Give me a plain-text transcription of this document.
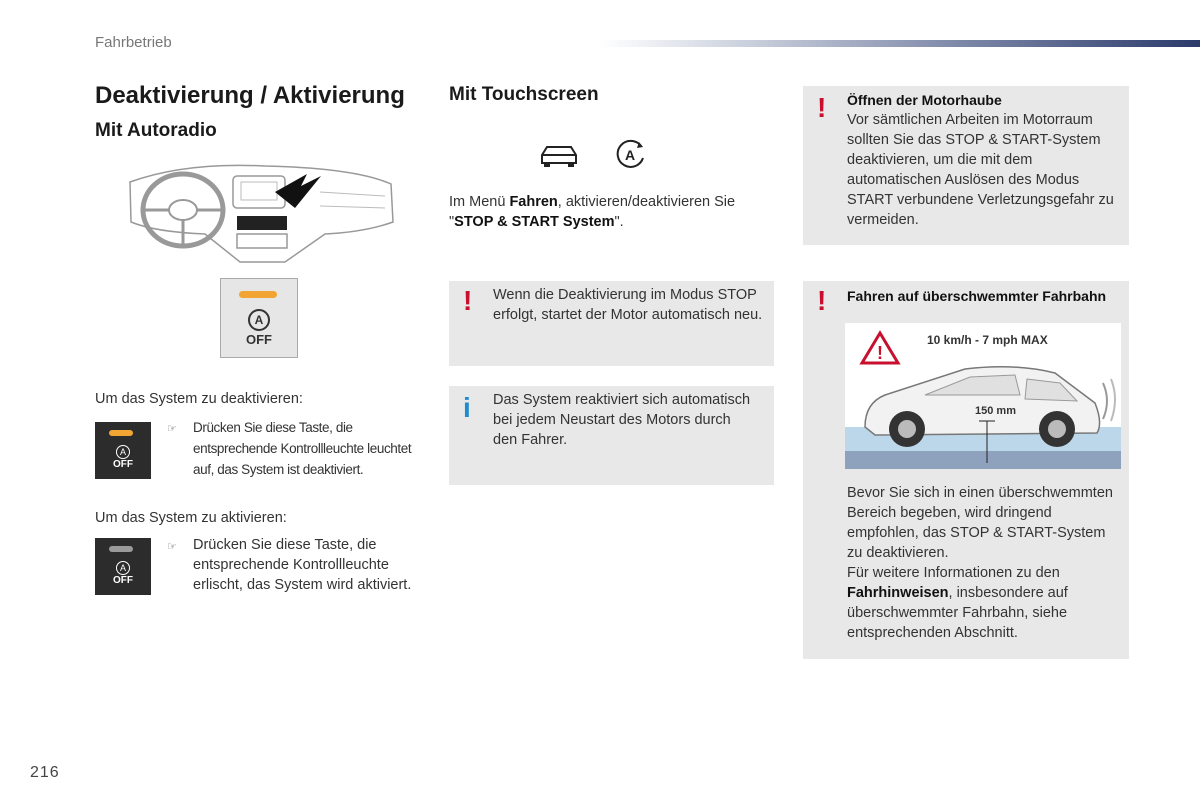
Fahrbetrieb
Deaktivierung / Aktivierung
Mit Autoradio
A
OFF
Um das System zu deaktivieren:
A
OFF
☞ Drücken Sie diese Taste, die entsprechende Kontrollleuchte leuchtet auf, das System ist deaktiviert.
Um das System zu aktivieren:
A
OFF
☞ Drücken Sie diese Taste, die entsprechende Kontrollleuchte erlischt, das System wird aktiviert.
Mit Touchscreen
A
Im Menü Fahren, aktivieren/deaktivieren Sie "STOP & START System".
! Wenn die Deaktivierung im Modus STOP erfolgt, startet der Motor automatisch neu.
i Das System reaktiviert sich automatisch bei jedem Neustart des Motors durch den Fahrer.
! Öffnen der Motorhaube
Vor sämtlichen Arbeiten im Motorraum sollten Sie das STOP & START-System deaktivieren, um die mit dem automatischen Auslösen des Modus START verbundene Verletzungsgefahr zu vermeiden.
! Fahren auf überschwemmter Fahrbahn
!
10 km/h - 7 mph MAX
150 mm
Bevor Sie sich in einen überschwemmten Bereich begeben, wird dringend empfohlen, das STOP & START-System zu deaktivieren.
Für weitere Informationen zu den Fahrhinweisen, insbesondere auf überschwemmter Fahrbahn, siehe entsprechenden Abschnitt.
216
